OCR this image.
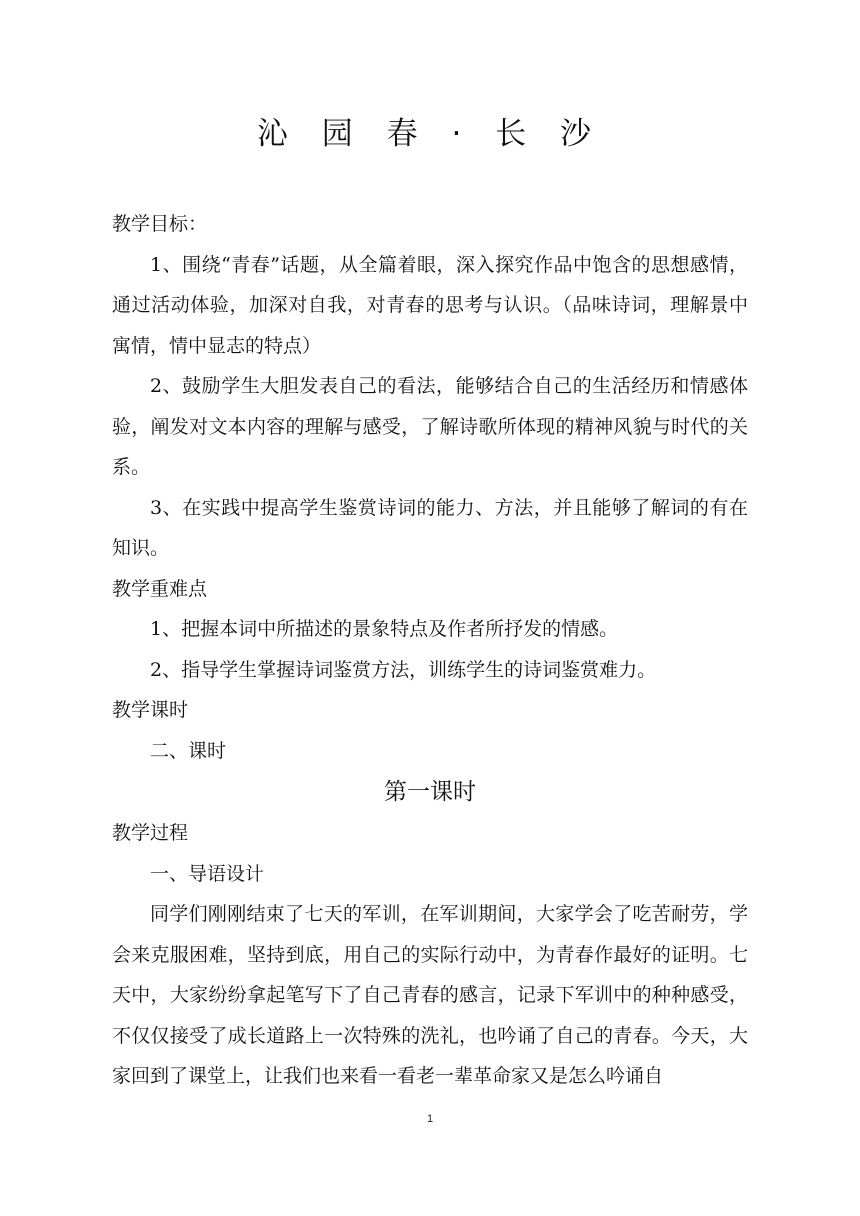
沁 园 春 · 长 沙

教学目标：

1、围绕“青春”话题，从全篇着眼，深入探究作品中饱含的思想感情，通过活动体验，加深对自我，对青春的思考与认识。（品味诗词，理解景中寓情，情中显志的特点）

2、鼓励学生大胆发表自己的看法，能够结合自己的生活经历和情感体验，阐发对文本内容的理解与感受，了解诗歌所体现的精神风貌与时代的关系。

3、在实践中提高学生鉴赏诗词的能力、方法，并且能够了解词的有在知识。

教学重难点

1、把握本词中所描述的景象特点及作者所抒发的情感。

2、指导学生掌握诗词鉴赏方法，训练学生的诗词鉴赏难力。

教学课时

二、课时

第一课时

教学过程

一、导语设计

同学们刚刚结束了七天的军训，在军训期间，大家学会了吃苦耐劳，学会来克服困难，坚持到底，用自己的实际行动中，为青春作最好的证明。七天中，大家纷纷拿起笔写下了自己青春的感言，记录下军训中的种种感受，不仅仅接受了成长道路上一次特殊的洗礼，也吟诵了自己的青春。今天，大家回到了课堂上，让我们也来看一看老一辈革命家又是怎么吟诵自

1
